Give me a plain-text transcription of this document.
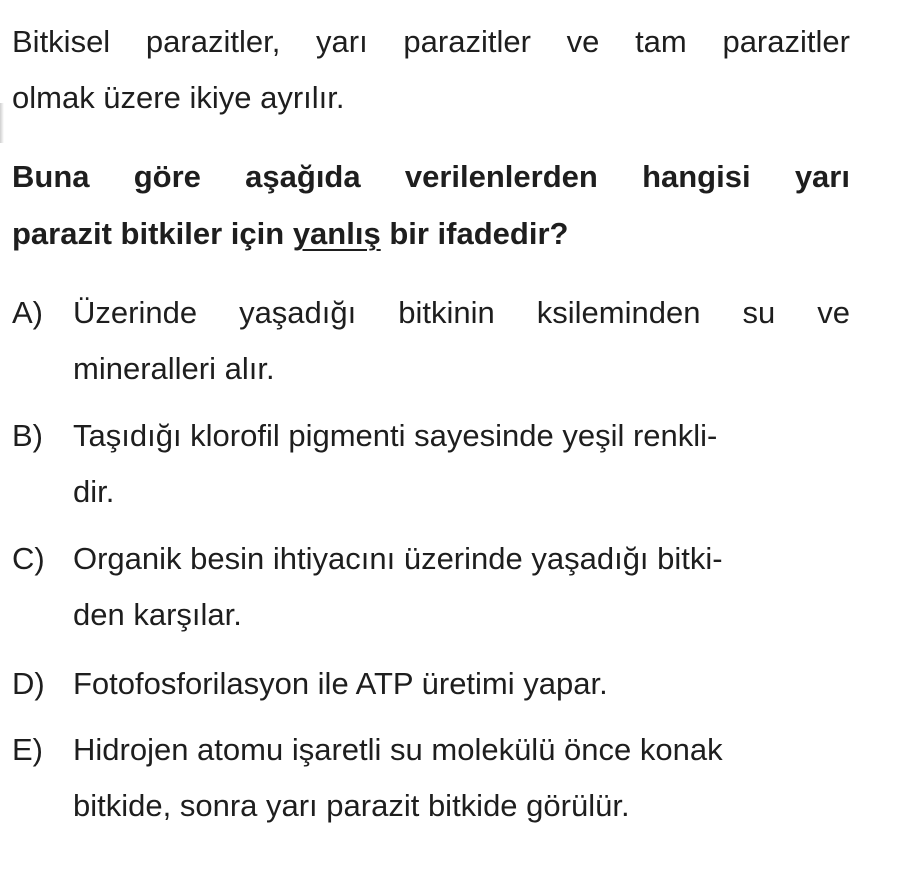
Bitkisel parazitler, yarı parazitler ve tam parazitler
olmak üzere ikiye ayrılır.
Buna göre aşağıda verilenlerden hangisi yarı
parazit bitkiler için yanlış bir ifadedir?
A) Üzerinde yaşadığı bitkinin ksileminden su ve
mineralleri alır.
B) Taşıdığı klorofil pigmenti sayesinde yeşil renkli-
dir.
C) Organik besin ihtiyacını üzerinde yaşadığı bitki-
den karşılar.
D) Fotofosforilasyon ile ATP üretimi yapar.
E) Hidrojen atomu işaretli su molekülü önce konak
bitkide, sonra yarı parazit bitkide görülür.
